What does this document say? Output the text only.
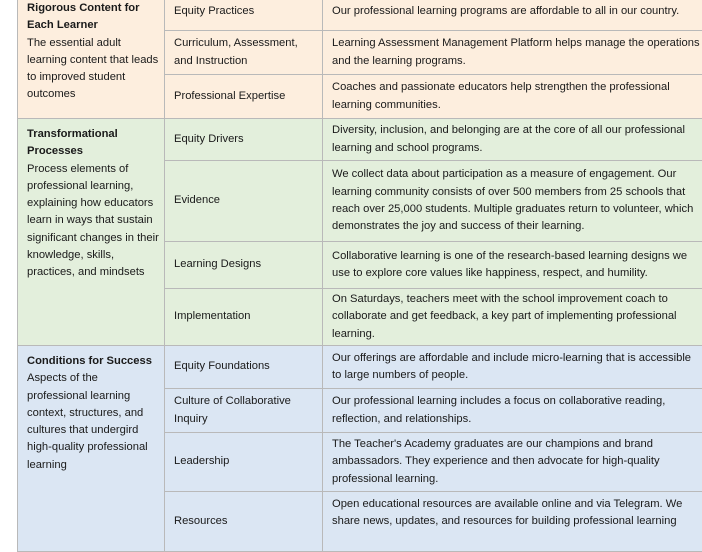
Rigorous Content for Each Learner
The essential adult learning content that leads to improved student outcomes	Equity Practices	Our professional learning programs are affordable to all in our country.
	Curriculum, Assessment, and Instruction	Learning Assessment Management Platform helps manage the operations and the learning programs.
	Professional Expertise	Coaches and passionate educators help strengthen the professional learning communities.

Transformational Processes
Process elements of professional learning, explaining how educators learn in ways that sustain significant changes in their knowledge, skills, practices, and mindsets	Equity Drivers	Diversity, inclusion, and belonging are at the core of all our professional learning and school programs.
	Evidence	We collect data about participation as a measure of engagement. Our learning community consists of over 500 members from 25 schools that reach over 25,000 students. Multiple graduates return to volunteer, which demonstrates the joy and success of their learning.
	Learning Designs	Collaborative learning is one of the research-based learning designs we use to explore core values like happiness, respect, and humility.
	Implementation	On Saturdays, teachers meet with the school improvement coach to collaborate and get feedback, a key part of implementing professional learning.

Conditions for Success
Aspects of the professional learning context, structures, and cultures that undergird high-quality professional learning	Equity Foundations	Our offerings are affordable and include micro-learning that is accessible to large numbers of people.
	Culture of Collaborative Inquiry	Our professional learning includes a focus on collaborative reading, reflection, and relationships.
	Leadership	The Teacher's Academy graduates are our champions and brand ambassadors. They experience and then advocate for high-quality professional learning.
	Resources	Open educational resources are available online and via Telegram. We share news, updates, and resources for building professional learning
